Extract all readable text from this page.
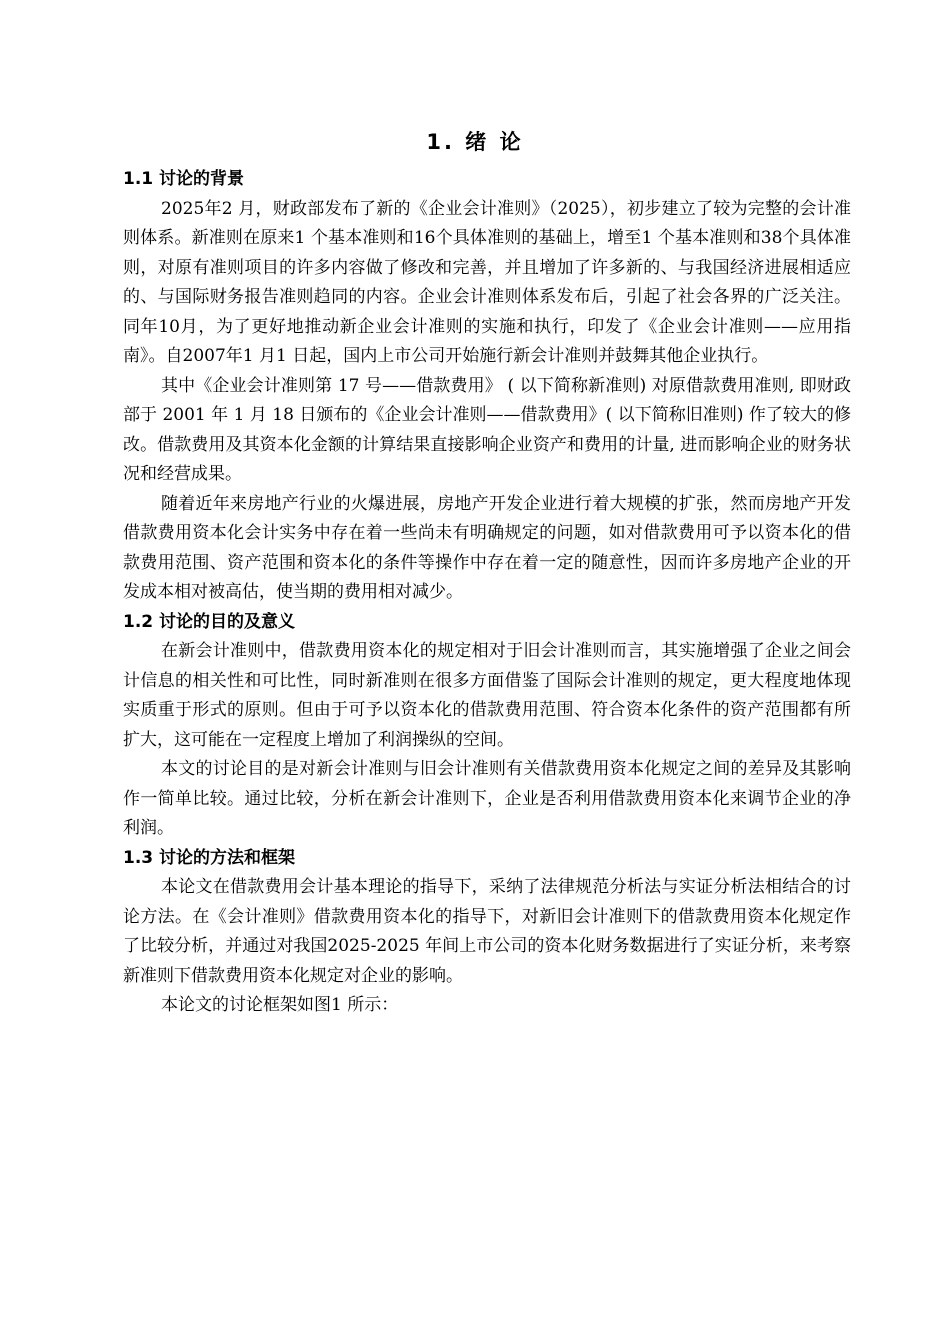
1. 绪 论
1.1 讨论的背景

2025年2 月，财政部发布了新的《企业会计准则》（2025），初步建立了较为完整的会计准则体系。新准则在原来1 个基本准则和16个具体准则的基础上，增至1 个基本准则和38个具体准则，对原有准则项目的许多内容做了修改和完善，并且增加了许多新的、与我国经济进展相适应的、与国际财务报告准则趋同的内容。企业会计准则体系发布后，引起了社会各界的广泛关注。同年10月，为了更好地推动新企业会计准则的实施和执行，印发了《企业会计准则——应用指南》。自2007年1 月1 日起，国内上市公司开始施行新会计准则并鼓舞其他企业执行。

其中《企业会计准则第 17 号——借款费用》 ( 以下简称新准则) 对原借款费用准则, 即财政部于 2001 年 1 月 18 日颁布的《企业会计准则——借款费用》( 以下简称旧准则) 作了较大的修改。借款费用及其资本化金额的计算结果直接影响企业资产和费用的计量, 进而影响企业的财务状况和经营成果。

随着近年来房地产行业的火爆进展，房地产开发企业进行着大规模的扩张，然而房地产开发借款费用资本化会计实务中存在着一些尚未有明确规定的问题，如对借款费用可予以资本化的借款费用范围、资产范围和资本化的条件等操作中存在着一定的随意性，因而许多房地产企业的开发成本相对被高估，使当期的费用相对减少。

1.2 讨论的目的及意义

在新会计准则中，借款费用资本化的规定相对于旧会计准则而言，其实施增强了企业之间会计信息的相关性和可比性，同时新准则在很多方面借鉴了国际会计准则的规定，更大程度地体现实质重于形式的原则。但由于可予以资本化的借款费用范围、符合资本化条件的资产范围都有所扩大，这可能在一定程度上增加了利润操纵的空间。

本文的讨论目的是对新会计准则与旧会计准则有关借款费用资本化规定之间的差异及其影响作一简单比较。通过比较，分析在新会计准则下，企业是否利用借款费用资本化来调节企业的净利润。

1.3 讨论的方法和框架

本论文在借款费用会计基本理论的指导下，采纳了法律规范分析法与实证分析法相结合的讨论方法。在《会计准则》借款费用资本化的指导下，对新旧会计准则下的借款费用资本化规定作了比较分析，并通过对我国2025-2025 年间上市公司的资本化财务数据进行了实证分析，来考察新准则下借款费用资本化规定对企业的影响。

本论文的讨论框架如图1 所示：
